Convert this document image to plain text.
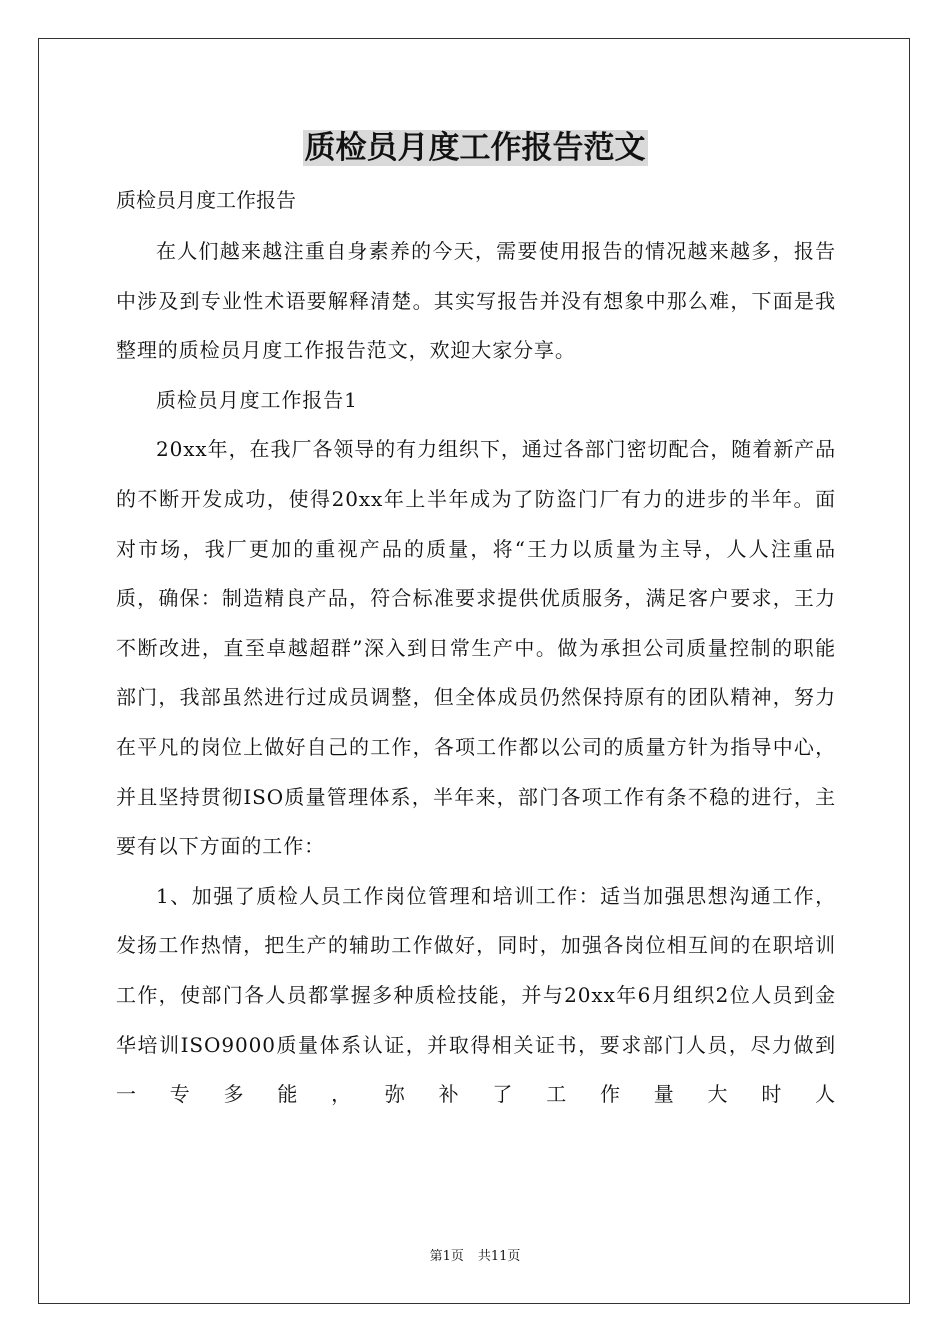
质检员月度工作报告范文

质检员月度工作报告

在人们越来越注重自身素养的今天，需要使用报告的情况越来越多，报告中涉及到专业性术语要解释清楚。其实写报告并没有想象中那么难，下面是我整理的质检员月度工作报告范文，欢迎大家分享。

质检员月度工作报告1

20xx年，在我厂各领导的有力组织下，通过各部门密切配合，随着新产品的不断开发成功，使得20xx年上半年成为了防盗门厂有力的进步的半年。面对市场，我厂更加的重视产品的质量，将“王力以质量为主导，人人注重品质，确保：制造精良产品，符合标准要求提供优质服务，满足客户要求，王力不断改进，直至卓越超群”深入到日常生产中。做为承担公司质量控制的职能部门，我部虽然进行过成员调整，但全体成员仍然保持原有的团队精神，努力在平凡的岗位上做好自己的工作，各项工作都以公司的质量方针为指导中心，并且坚持贯彻ISO质量管理体系，半年来，部门各项工作有条不稳的进行，主要有以下方面的工作：

1、加强了质检人员工作岗位管理和培训工作：适当加强思想沟通工作，发扬工作热情，把生产的辅助工作做好，同时，加强各岗位相互间的在职培训工作，使部门各人员都掌握多种质检技能，并与20xx年6月组织2位人员到金华培训ISO9000质量体系认证，并取得相关证书，要求部门人员，尽力做到一专多能，弥补了工作量大时人

第1页 共11页
